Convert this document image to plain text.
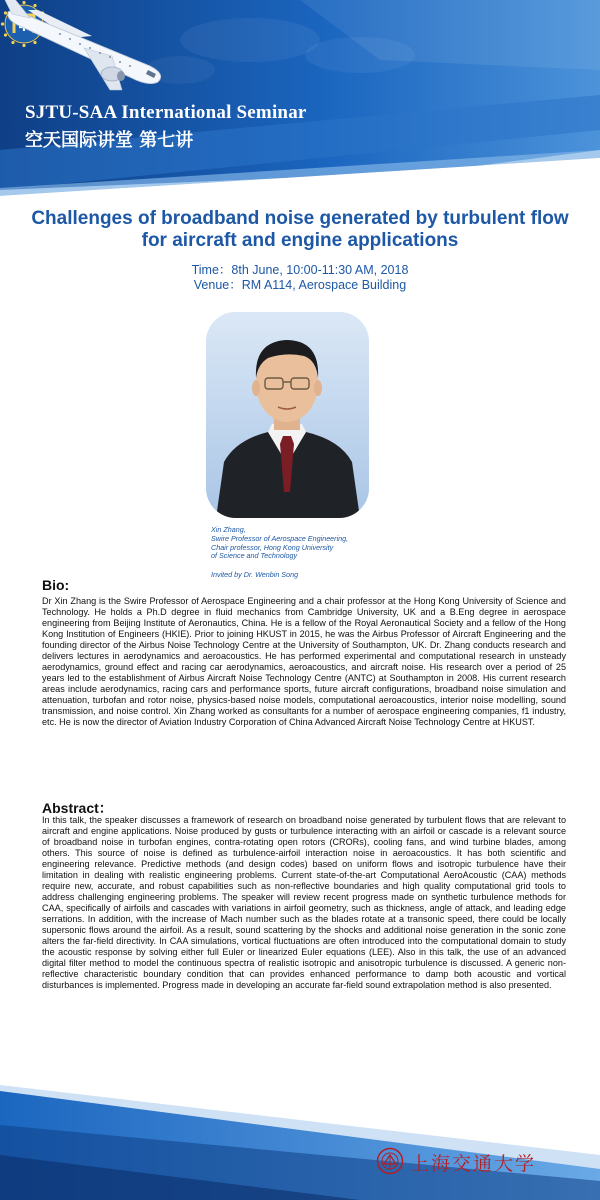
SJTU-SAA International Seminar
空天国际讲堂 第七讲
Challenges of broadband noise generated by turbulent flow
for aircraft and engine applications
Time：8th June, 10:00-11:30 AM, 2018
Venue：RM A114, Aerospace Building
Xin Zhang,
Swire Professor of Aerospace Engineering,
Chair professor, Hong Kong University
of Science and Technology
Invited by Dr. Wenbin Song
Bio:
Dr Xin Zhang is the Swire Professor of Aerospace Engineering and a chair professor at the Hong Kong University of Science and Technology. He holds a Ph.D degree in fluid mechanics from Cambridge University, UK and a B.Eng degree in aerospace engineering from Beijing Institute of Aeronautics, China. He is a fellow of the Royal Aeronautical Society and a fellow of the Hong Kong Institution of Engineers (HKIE). Prior to joining HKUST in 2015, he was the Airbus Professor of Aircraft Engineering and the founding director of the Airbus Noise Technology Centre at the University of Southampton, UK. Dr. Zhang conducts research and delivers lectures in aerodynamics and aeroacoustics. He has performed experimental and computational research in unsteady aerodynamics, ground effect and racing car aerodynamics, aeroacoustics, and aircraft noise. His research over a period of 25 years led to the establishment of Airbus Aircraft Noise Technology Centre (ANTC) at Southampton in 2008. His current research areas include aerodynamics, racing cars and performance sports, future aircraft configurations, broadband noise simulation and attenuation, turbofan and rotor noise, physics-based noise models, computational aeroacoustics, interior noise modelling, sound transmission, and noise control. Xin Zhang worked as consultants for a number of aerospace engineering companies, f1 industry, etc. He is now the director of Aviation Industry Corporation of China Advanced Aircraft Noise Technology Centre at HKUST.
Abstract：
In this talk, the speaker discusses a framework of research on broadband noise generated by turbulent flows that are relevant to aircraft and engine applications. Noise produced by gusts or turbulence interacting with an airfoil or cascade is a relevant source of broadband noise in turbofan engines, contra-rotating open rotors (CRORs), cooling fans, and wind turbine blades, among others. This source of noise is defined as turbulence-airfoil interaction noise in aeroacoustics. It has both scientific and engineering relevance. Predictive methods (and design codes) based on uniform flows and isotropic turbulence have their limitation in dealing with realistic engineering problems. Current state-of-the-art Computational AeroAcoustic (CAA) methods require new, accurate, and robust capabilities such as non-reflective boundaries and high quality computational grid tools to address challenging engineering problems. The speaker will review recent progress made on synthetic turbulence methods for CAA, specifically of airfoils and cascades with variations in airfoil geometry, such as thickness, angle of attack, and leading edge serrations. In addition, with the increase of Mach number such as the blades rotate at a transonic speed, there could be locally supersonic flows around the airfoil. As a result, sound scattering by the shocks and additional noise generation in the sonic zone alters the far-field directivity. In CAA simulations, vortical fluctuations are often introduced into the computational domain to study the acoustic response by solving either full Euler or linearized Euler equations (LEE). Also in this talk, the use of an advanced digital filter method to model the continuous spectra of realistic isotropic and anisotropic turbulence is discussed. A generic non-reflective characteristic boundary condition that can provides enhanced performance to damp both acoustic and vortical disturbances is implemented. Progress made in developing an accurate far-field sound extrapolation method is also presented.
上海交通大学
